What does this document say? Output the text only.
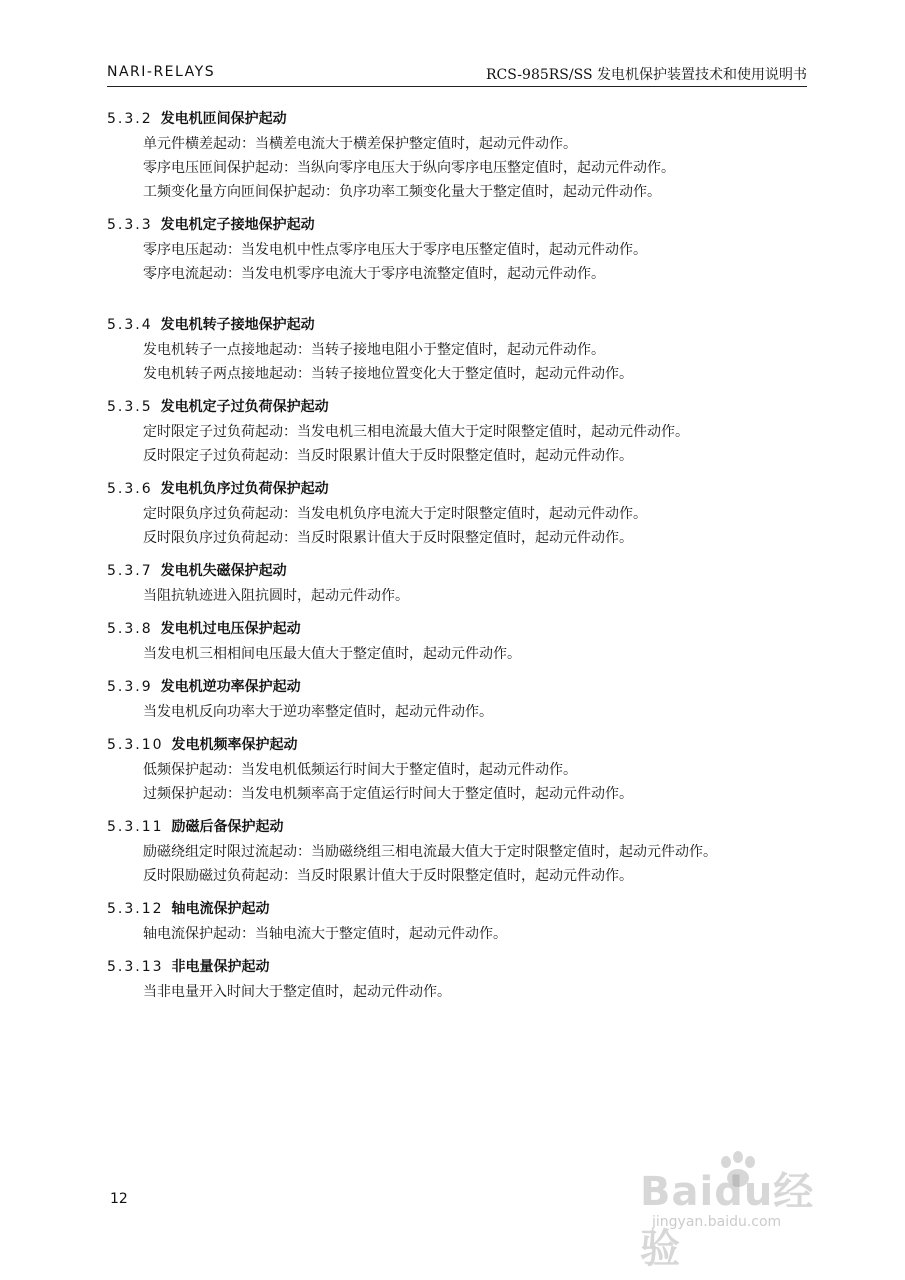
NARI-RELAYS	RCS-985RS/SS 发电机保护装置技术和使用说明书
5.3.2 发电机匝间保护起动

单元件横差起动：当横差电流大于横差保护整定值时，起动元件动作。

零序电压匝间保护起动：当纵向零序电压大于纵向零序电压整定值时，起动元件动作。

工频变化量方向匝间保护起动：负序功率工频变化量大于整定值时，起动元件动作。

5.3.3 发电机定子接地保护起动

零序电压起动：当发电机中性点零序电压大于零序电压整定值时，起动元件动作。

零序电流起动：当发电机零序电流大于零序电流整定值时，起动元件动作。

5.3.4 发电机转子接地保护起动

发电机转子一点接地起动：当转子接地电阻小于整定值时，起动元件动作。

发电机转子两点接地起动：当转子接地位置变化大于整定值时，起动元件动作。

5.3.5 发电机定子过负荷保护起动

定时限定子过负荷起动：当发电机三相电流最大值大于定时限整定值时，起动元件动作。

反时限定子过负荷起动：当反时限累计值大于反时限整定值时，起动元件动作。

5.3.6 发电机负序过负荷保护起动

定时限负序过负荷起动：当发电机负序电流大于定时限整定值时，起动元件动作。

反时限负序过负荷起动：当反时限累计值大于反时限整定值时，起动元件动作。

5.3.7 发电机失磁保护起动

当阻抗轨迹进入阻抗圆时，起动元件动作。

5.3.8 发电机过电压保护起动

当发电机三相相间电压最大值大于整定值时，起动元件动作。

5.3.9 发电机逆功率保护起动

当发电机反向功率大于逆功率整定值时，起动元件动作。

5.3.10 发电机频率保护起动

低频保护起动：当发电机低频运行时间大于整定值时，起动元件动作。

过频保护起动：当发电机频率高于定值运行时间大于整定值时，起动元件动作。

5.3.11 励磁后备保护起动

励磁绕组定时限过流起动：当励磁绕组三相电流最大值大于定时限整定值时，起动元件动作。

反时限励磁过负荷起动：当反时限累计值大于反时限整定值时，起动元件动作。

5.3.12 轴电流保护起动

轴电流保护起动：当轴电流大于整定值时，起动元件动作。

5.3.13 非电量保护起动

当非电量开入时间大于整定值时，起动元件动作。

12	Baidu经验
jingyan.baidu.com
